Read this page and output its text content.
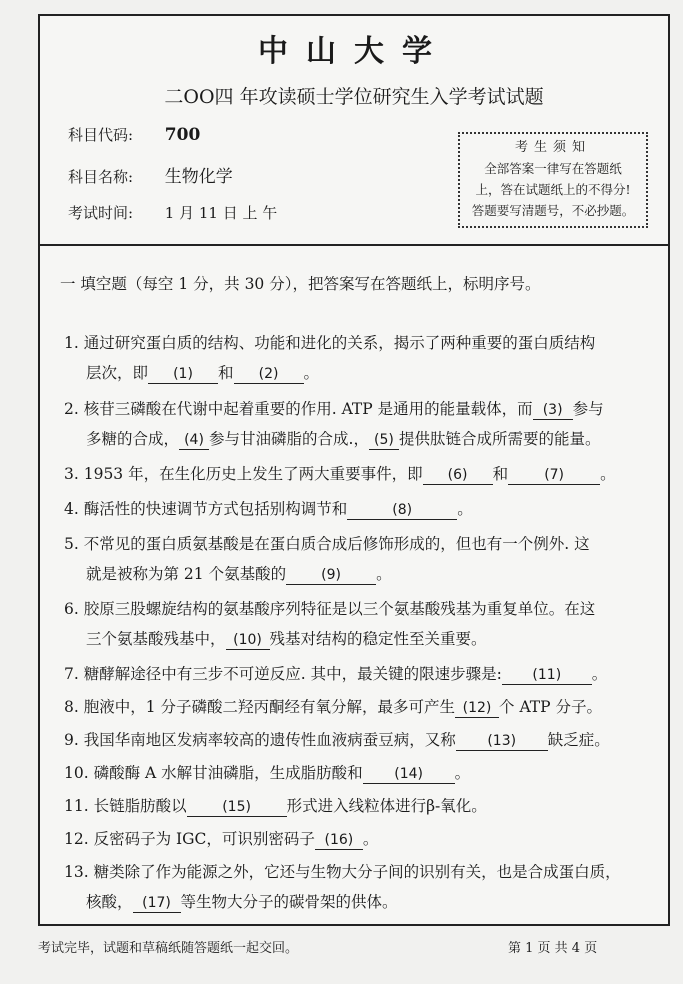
中山大学
二OO四 年攻读硕士学位研究生入学考试试题
科目代码: 700
科目名称: 生物化学
考试时间: 1 月 11 日 上 午
考生须知
全部答案一律写在答题纸
上，答在试题纸上的不得分!
答题要写清题号，不必抄题。
一 填空题（每空 1 分，共 30 分），把答案写在答题纸上，标明序号。
1. 通过研究蛋白质的结构、功能和进化的关系，揭示了两种重要的蛋白质结构
层次，即 (1) 和 (2) 。
2. 核苷三磷酸在代谢中起着重要的作用. ATP 是通用的能量载体，而 (3) 参与
多糖的合成， (4) 参与甘油磷脂的合成.， (5) 提供肽链合成所需要的能量。
3. 1953 年，在生化历史上发生了两大重要事件，即 (6) 和	(7) 。
4. 酶活性的快速调节方式包括别构调节和	(8)	。
5. 不常见的蛋白质氨基酸是在蛋白质合成后修饰形成的，但也有一个例外. 这
就是被称为第 21 个氨基酸的	(9) 。
6. 胶原三股螺旋结构的氨基酸序列特征是以三个氨基酸残基为重复单位。在这
三个氨基酸残基中， (10) 残基对结构的稳定性至关重要。
7. 糖酵解途径中有三步不可逆反应. 其中，最关键的限速步骤是: (11) 。
8. 胞液中，1 分子磷酸二羟丙酮经有氧分解，最多可产生 (12) 个 ATP 分子。
9. 我国华南地区发病率较高的遗传性血液病蚕豆病，又称 (13) 缺乏症。
10. 磷酸酶 A 水解甘油磷脂，生成脂肪酸和 (14) 。
11. 长链脂肪酸以	(15) 形式进入线粒体进行β-氧化。
12. 反密码子为 IGC，可识别密码子 (16) 。
13. 糖类除了作为能源之外，它还与生物大分子间的识别有关，也是合成蛋白质，
核酸， (17) 等生物大分子的碳骨架的供体。
考试完毕，试题和草稿纸随答题纸一起交回。	第 1 页 共 4 页
